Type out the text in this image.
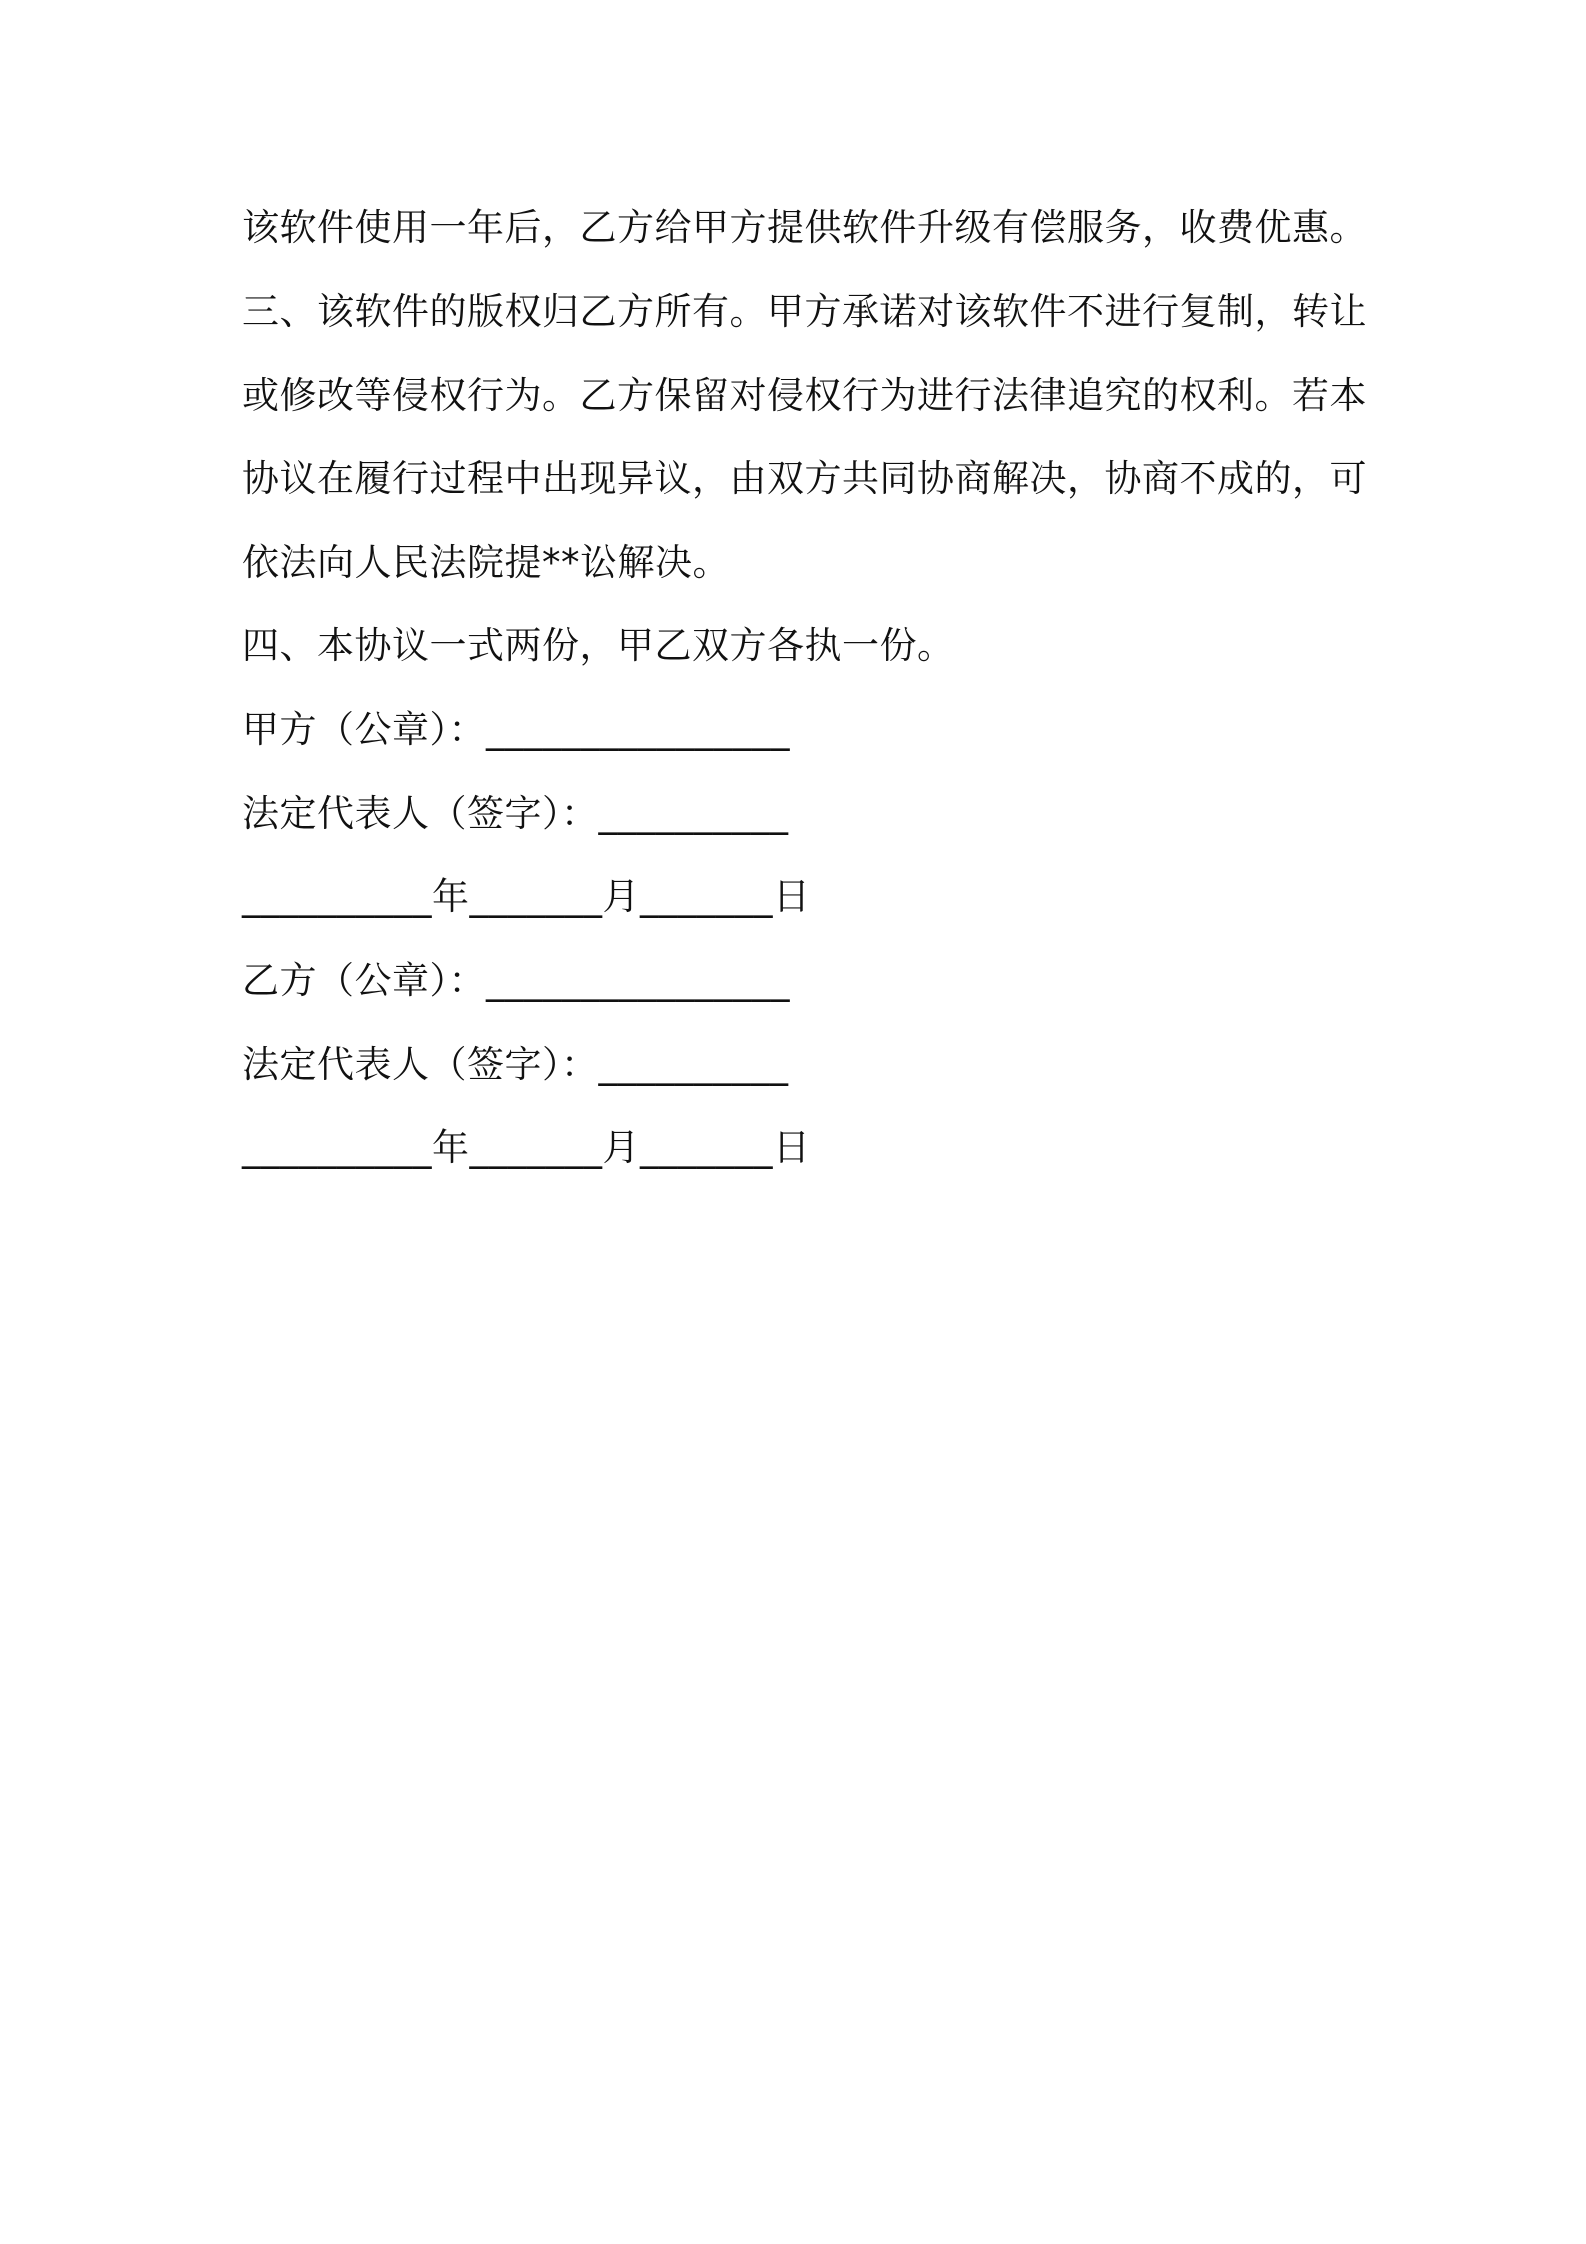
该软件使用一年后，乙方给甲方提供软件升级有偿服务，收费优惠。
三、该软件的版权归乙方所有。甲方承诺对该软件不进行复制，转让
或修改等侵权行为。乙方保留对侵权行为进行法律追究的权利。若本
协议在履行过程中出现异议，由双方共同协商解决，协商不成的，可
依法向人民法院提**讼解决。
四、本协议一式两份，甲乙双方各执一份。
甲方（公章）：________________
法定代表人（签字）：__________
__________年_______月_______日
乙方（公章）：________________
法定代表人（签字）：__________
__________年_______月_______日
